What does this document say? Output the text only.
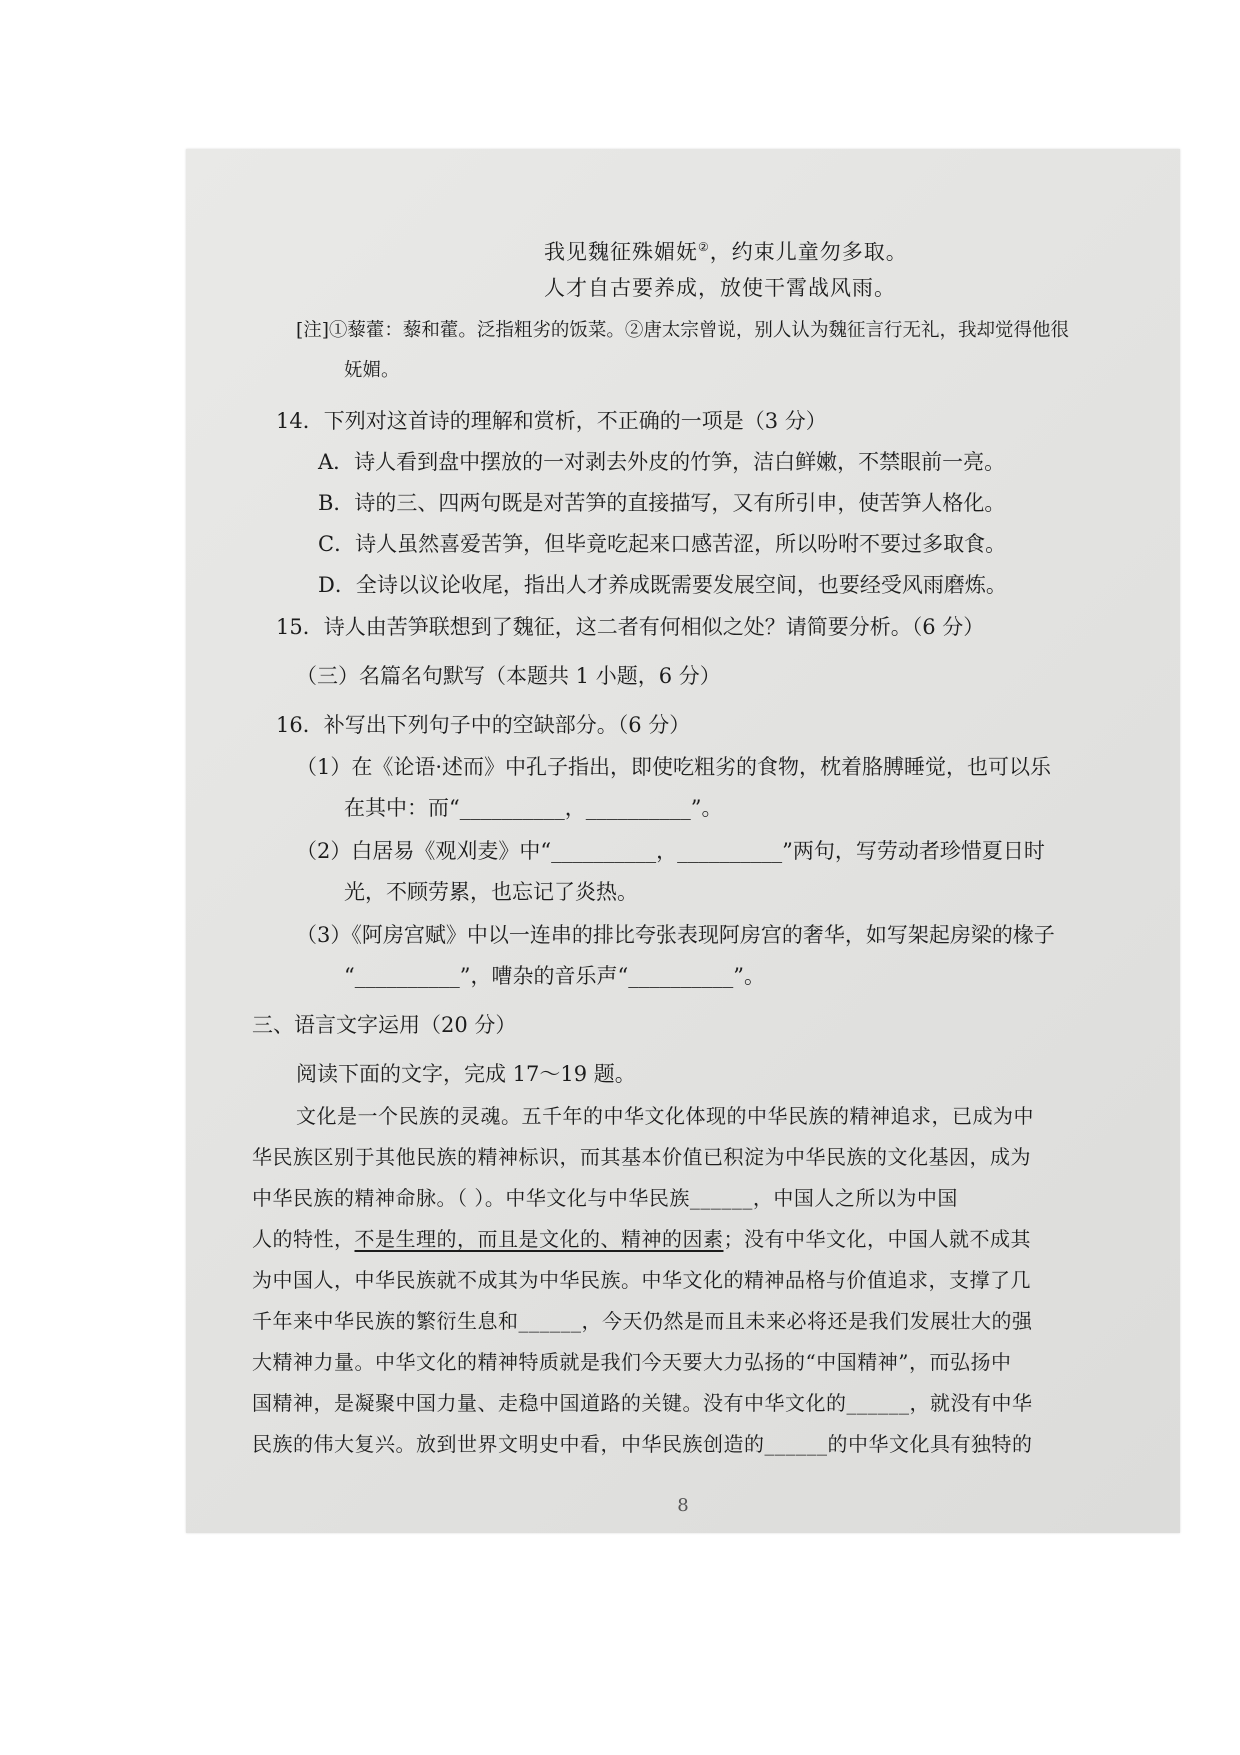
我见魏征殊媚妩②，约束儿童勿多取。
人才自古要养成，放使干霄战风雨。
[注]①藜藿：藜和藿。泛指粗劣的饭菜。②唐太宗曾说，别人认为魏征言行无礼，我却觉得他很
妩媚。
14．下列对这首诗的理解和赏析，不正确的一项是（3 分）
A．诗人看到盘中摆放的一对剥去外皮的竹笋，洁白鲜嫩，不禁眼前一亮。
B．诗的三、四两句既是对苦笋的直接描写，又有所引申，使苦笋人格化。
C．诗人虽然喜爱苦笋，但毕竟吃起来口感苦涩，所以吩咐不要过多取食。
D．全诗以议论收尾，指出人才养成既需要发展空间，也要经受风雨磨炼。
15．诗人由苦笋联想到了魏征，这二者有何相似之处？请简要分析。（6 分）
（三）名篇名句默写（本题共 1 小题，6 分）
16．补写出下列句子中的空缺部分。（6 分）
（1）在《论语·述而》中孔子指出，即使吃粗劣的食物，枕着胳膊睡觉，也可以乐
在其中：而“__________，__________”。
（2）白居易《观刈麦》中“__________，__________”两句，写劳动者珍惜夏日时
光，不顾劳累，也忘记了炎热。
（3）《阿房宫赋》中以一连串的排比夸张表现阿房宫的奢华，如写架起房梁的椽子
“__________”，嘈杂的音乐声“__________”。
三、语言文字运用（20 分）
阅读下面的文字，完成 17～19 题。
文化是一个民族的灵魂。五千年的中华文化体现的中华民族的精神追求，已成为中
华民族区别于其他民族的精神标识，而其基本价值已积淀为中华民族的文化基因，成为
中华民族的精神命脉。（ ）。中华文化与中华民族______，中国人之所以为中国
人的特性，不是生理的，而且是文化的、精神的因素；没有中华文化，中国人就不成其
为中国人，中华民族就不成其为中华民族。中华文化的精神品格与价值追求，支撑了几
千年来中华民族的繁衍生息和______，今天仍然是而且未来必将还是我们发展壮大的强
大精神力量。中华文化的精神特质就是我们今天要大力弘扬的“中国精神”，而弘扬中
国精神，是凝聚中国力量、走稳中国道路的关键。没有中华文化的______，就没有中华
民族的伟大复兴。放到世界文明史中看，中华民族创造的______的中华文化具有独特的
8
